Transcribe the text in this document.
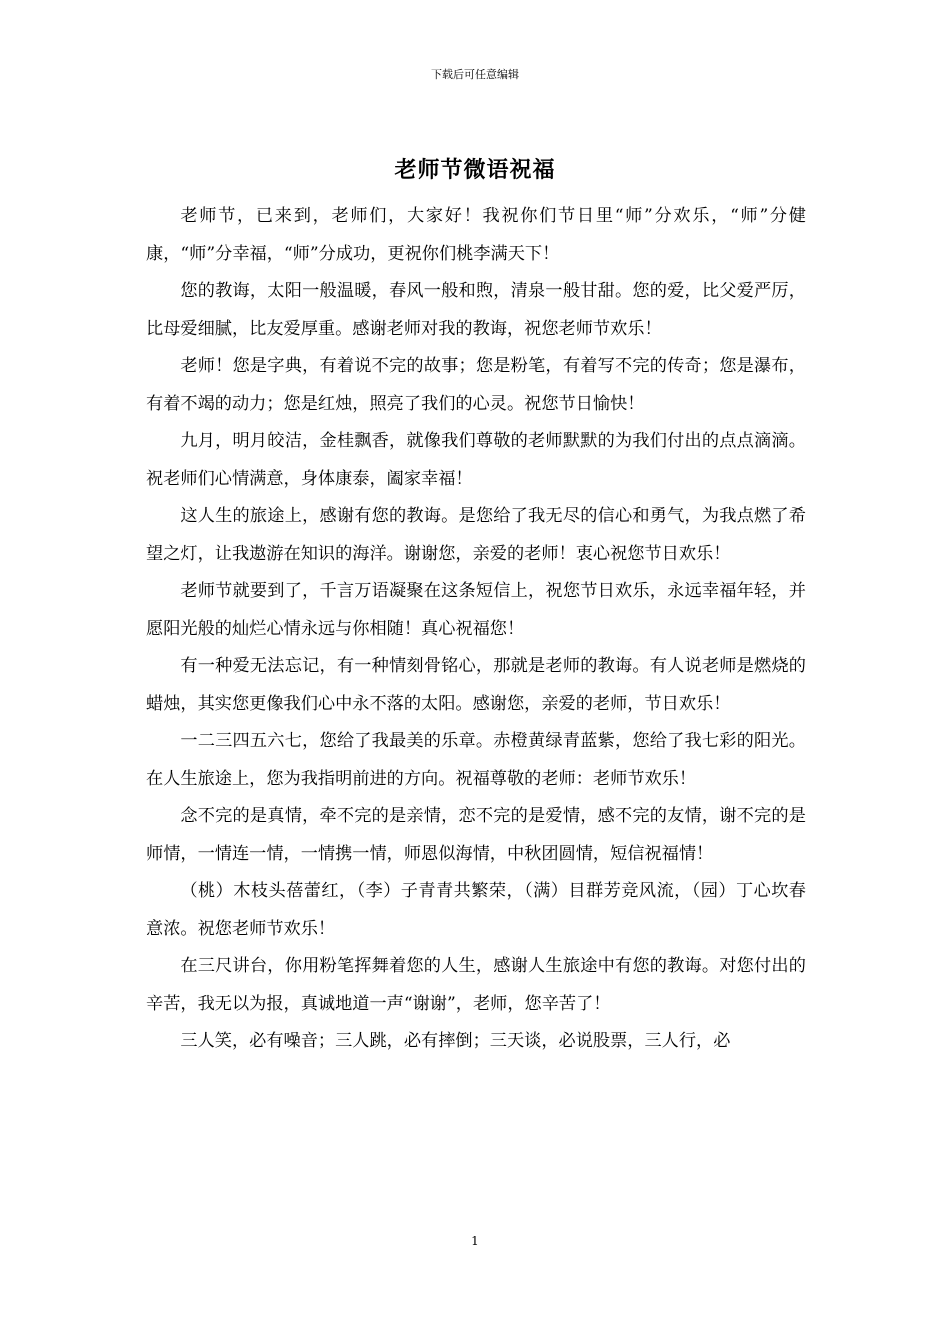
下载后可任意编辑
老师节微语祝福

老师节，已来到，老师们，大家好！我祝你们节日里“师”分欢乐，“师”分健康，“师”分幸福，“师”分成功，更祝你们桃李满天下！

您的教诲，太阳一般温暖，春风一般和煦，清泉一般甘甜。您的爱，比父爱严厉，比母爱细腻，比友爱厚重。感谢老师对我的教诲，祝您老师节欢乐！

老师！您是字典，有着说不完的故事；您是粉笔，有着写不完的传奇；您是瀑布，有着不竭的动力；您是红烛，照亮了我们的心灵。祝您节日愉快！

九月，明月皎洁，金桂飘香，就像我们尊敬的老师默默的为我们付出的点点滴滴。祝老师们心情满意，身体康泰，阖家幸福！

这人生的旅途上，感谢有您的教诲。是您给了我无尽的信心和勇气，为我点燃了希望之灯，让我遨游在知识的海洋。谢谢您，亲爱的老师！衷心祝您节日欢乐！

老师节就要到了，千言万语凝聚在这条短信上，祝您节日欢乐，永远幸福年轻，并愿阳光般的灿烂心情永远与你相随！真心祝福您！

有一种爱无法忘记，有一种情刻骨铭心，那就是老师的教诲。有人说老师是燃烧的蜡烛，其实您更像我们心中永不落的太阳。感谢您，亲爱的老师，节日欢乐！

一二三四五六七，您给了我最美的乐章。赤橙黄绿青蓝紫，您给了我七彩的阳光。在人生旅途上，您为我指明前进的方向。祝福尊敬的老师：老师节欢乐！

念不完的是真情，牵不完的是亲情，恋不完的是爱情，感不完的友情，谢不完的是师情，一情连一情，一情携一情，师恩似海情，中秋团圆情，短信祝福情！

（桃）木枝头蓓蕾红，（李）子青青共繁荣，（满）目群芳竞风流，（园）丁心坎春意浓。祝您老师节欢乐！

在三尺讲台，你用粉笔挥舞着您的人生，感谢人生旅途中有您的教诲。对您付出的辛苦，我无以为报，真诚地道一声“谢谢”，老师，您辛苦了！

三人笑，必有噪音；三人跳，必有摔倒；三天谈，必说股票，三人行，必

1
